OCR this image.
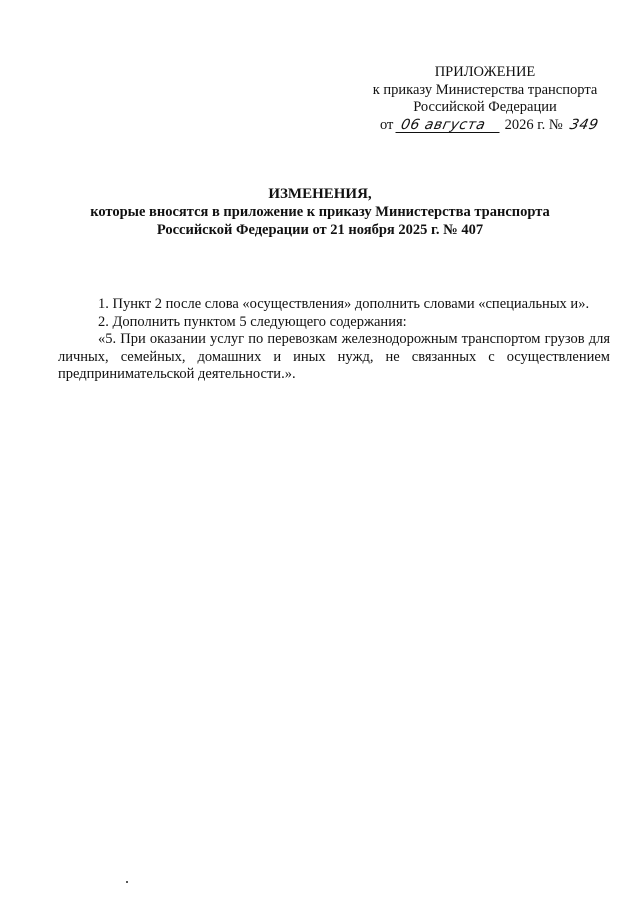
ПРИЛОЖЕНИЕ
к приказу Министерства транспорта
Российской Федерации
от 06 августа 2026 г. № 349
ИЗМЕНЕНИЯ,
которые вносятся в приложение к приказу Министерства транспорта
Российской Федерации от 21 ноября 2025 г. № 407

1. Пункт 2 после слова «осуществления» дополнить словами «специальных и».

2. Дополнить пунктом 5 следующего содержания:

«5. При оказании услуг по перевозкам железнодорожным транспортом грузов для личных, семейных, домашних и иных нужд, не связанных с осуществлением предпринимательской деятельности.».
